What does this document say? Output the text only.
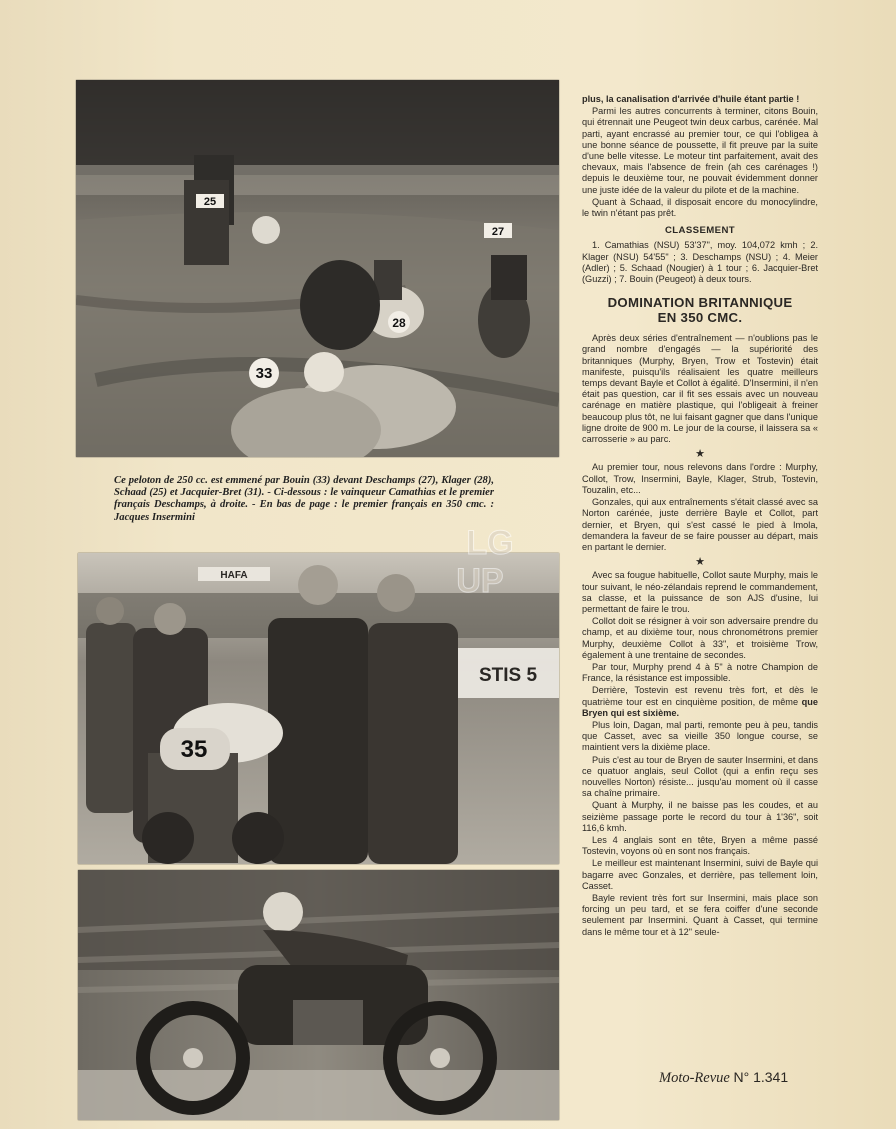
33
28
25
27
Ce peloton de 250 cc. est emmené par Bouin (33) devant Deschamps (27), Klager (28), Schaad (25) et Jacquier-Bret (31). - Ci-dessous : le vainqueur Camathias et le premier français Deschamps, à droite. - En bas de page : le premier français en 350 cmc. : Jacques Insermini
STIS 5
HAFA
35
LG
UP

plus, la canalisation d'arrivée d'huile étant partie !

Parmi les autres concurrents à terminer, citons Bouin, qui étrennait une Peugeot twin deux carbus, carénée. Mal parti, ayant encrassé au premier tour, ce qui l'obligea à une bonne séance de poussette, il fit preuve par la suite d'une belle vitesse. Le moteur tint parfaitement, avait des chevaux, mais l'absence de frein (ah ces carénages !) depuis le deuxième tour, ne pouvait évidemment donner une juste idée de la valeur du pilote et de la machine.

Quant à Schaad, il disposait encore du monocylindre, le twin n'étant pas prêt.

CLASSEMENT

1. Camathias (NSU) 53'37", moy. 104,072 kmh ; 2. Klager (NSU) 54'55" ; 3. Deschamps (NSU) ; 4. Meier (Adler) ; 5. Schaad (Nougier) à 1 tour ; 6. Jacquier-Bret (Guzzi) ; 7. Bouin (Peugeot) à deux tours.

DOMINATION BRITANNIQUE
EN 350 CMC.

Après deux séries d'entraînement — n'oublions pas le grand nombre d'engagés — la supériorité des britanniques (Murphy, Bryen, Trow et Tostevin) était manifeste, puisqu'ils réalisaient les quatre meilleurs temps devant Bayle et Collot à égalité. D'Insermini, il n'en était pas question, car il fit ses essais avec un nouveau carénage en matière plastique, qui l'obligeait à freiner beaucoup plus tôt, ne lui faisant gagner que dans l'unique ligne droite de 900 m. Le jour de la course, il laissera sa « carrosserie » au parc.

★

Au premier tour, nous relevons dans l'ordre : Murphy, Collot, Trow, Insermini, Bayle, Klager, Strub, Tostevin, Touzalin, etc...

Gonzales, qui aux entraînements s'était classé avec sa Norton carénée, juste derrière Bayle et Collot, part dernier, et Bryen, qui s'est cassé le pied à Imola, demandera la faveur de se faire pousser au départ, mais en partant le dernier.

★

Avec sa fougue habituelle, Collot saute Murphy, mais le tour suivant, le néo-zélandais reprend le commandement, sa classe, et la puissance de son AJS d'usine, lui permettant de faire le trou.

Collot doit se résigner à voir son adversaire prendre du champ, et au dixième tour, nous chronométrons premier Murphy, deuxième Collot à 33", et troisième Trow, également à une trentaine de secondes.

Par tour, Murphy prend 4 à 5" à notre Champion de France, la résistance est impossible.

Derrière, Tostevin est revenu très fort, et dès le quatrième tour est en cinquième position, de même que Bryen qui est sixième.

Plus loin, Dagan, mal parti, remonte peu à peu, tandis que Casset, avec sa vieille 350 longue course, se maintient vers la dixième place.

Puis c'est au tour de Bryen de sauter Insermini, et dans ce quatuor anglais, seul Collot (qui a enfin reçu ses nouvelles Norton) résiste... jusqu'au moment où il casse sa chaîne primaire.

Quant à Murphy, il ne baisse pas les coudes, et au seizième passage porte le record du tour à 1'36", soit 116,6 kmh.

Les 4 anglais sont en tête, Bryen a même passé Tostevin, voyons où en sont nos français.

Le meilleur est maintenant Insermini, suivi de Bayle qui bagarre avec Gonzales, et derrière, pas tellement loin, Casset.

Bayle revient très fort sur Insermini, mais place son forcing un peu tard, et se fera coiffer d'une seconde seulement par Insermini. Quant à Casset, qui termine dans le même tour et à 12" seule-

Moto-Revue N° 1.341
